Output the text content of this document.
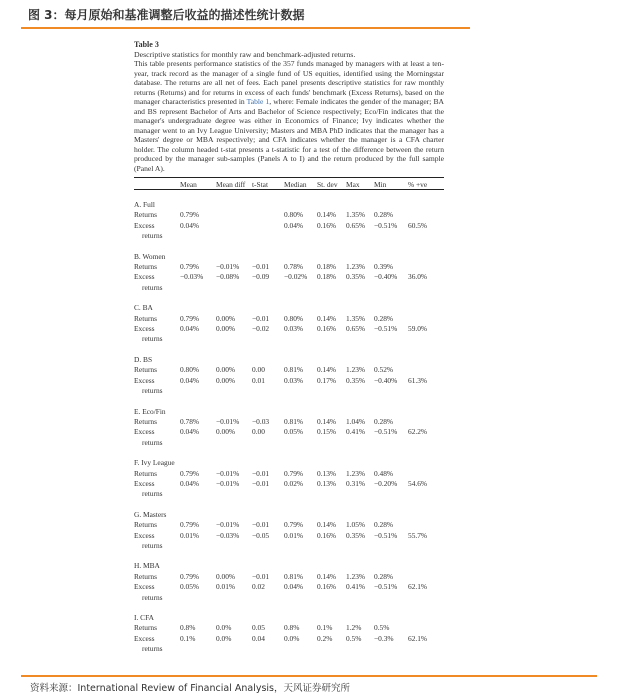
图 3：每月原始和基准调整后收益的描述性统计数据
Table 3
Descriptive statistics for monthly raw and benchmark-adjusted returns.
This table presents performance statistics of the 357 funds managed by managers with at least a ten-year, track record as the manager of a single fund of US equities, identified using the Morningstar database. The returns are all net of fees. Each panel presents descriptive statistics for raw monthly returns (Returns) and for returns in excess of each funds' benchmark (Excess Returns), based on the manager characteristics presented in Table 1, where: Female indicates the gender of the manager; BA and BS represent Bachelor of Arts and Bachelor of Science respectively; Eco/Fin indicates that the manager's undergraduate degree was either in Economics of Finance; Ivy indicates whether the manager went to an Ivy League University; Masters and MBA PhD indicates that the manager has a Masters' degree or MBA respectively; and CFA indicates whether the manager is a CFA charter holder. The column headed t-stat presents a t-statistic for a test of the difference between the return produced by the manager sub-samples (Panels A to I) and the return produced by the full sample (Panel A).
	Mean	Mean diff	t-Stat	Median	St. dev	Max	Min	% +ve
A. Full								
Returns	0.79%			0.80%	0.14%	1.35%	0.28%	
Excess	0.04%			0.04%	0.16%	0.65%	−0.51%	60.5%
returns								
B. Women								
Returns	0.79%	−0.01%	−0.01	0.78%	0.18%	1.23%	0.39%	
Excess	−0.03%	−0.08%	−0.09	−0.02%	0.18%	0.35%	−0.40%	36.0%
returns								
C. BA								
Returns	0.79%	0.00%	−0.01	0.80%	0.14%	1.35%	0.28%	
Excess	0.04%	0.00%	−0.02	0.03%	0.16%	0.65%	−0.51%	59.0%
returns								
D. BS								
Returns	0.80%	0.00%	0.00	0.81%	0.14%	1.23%	0.52%	
Excess	0.04%	0.00%	0.01	0.03%	0.17%	0.35%	−0.40%	61.3%
returns								
E. Eco/Fin								
Returns	0.78%	−0.01%	−0.03	0.81%	0.14%	1.04%	0.28%	
Excess	0.04%	0.00%	0.00	0.05%	0.15%	0.41%	−0.51%	62.2%
returns								
F. Ivy League								
Returns	0.79%	−0.01%	−0.01	0.79%	0.13%	1.23%	0.48%	
Excess	0.04%	−0.01%	−0.01	0.02%	0.13%	0.31%	−0.20%	54.6%
returns								
G. Masters								
Returns	0.79%	−0.01%	−0.01	0.79%	0.14%	1.05%	0.28%	
Excess	0.01%	−0.03%	−0.05	0.01%	0.16%	0.35%	−0.51%	55.7%
returns								
H. MBA								
Returns	0.79%	0.00%	−0.01	0.81%	0.14%	1.23%	0.28%	
Excess	0.05%	0.01%	0.02	0.04%	0.16%	0.41%	−0.51%	62.1%
returns								
I. CFA								
Returns	0.8%	0.0%	0.05	0.8%	0.1%	1.2%	0.5%	
Excess	0.1%	0.0%	0.04	0.0%	0.2%	0.5%	−0.3%	62.1%
returns								
资料来源：International Review of Financial Analysis，天风证券研究所
